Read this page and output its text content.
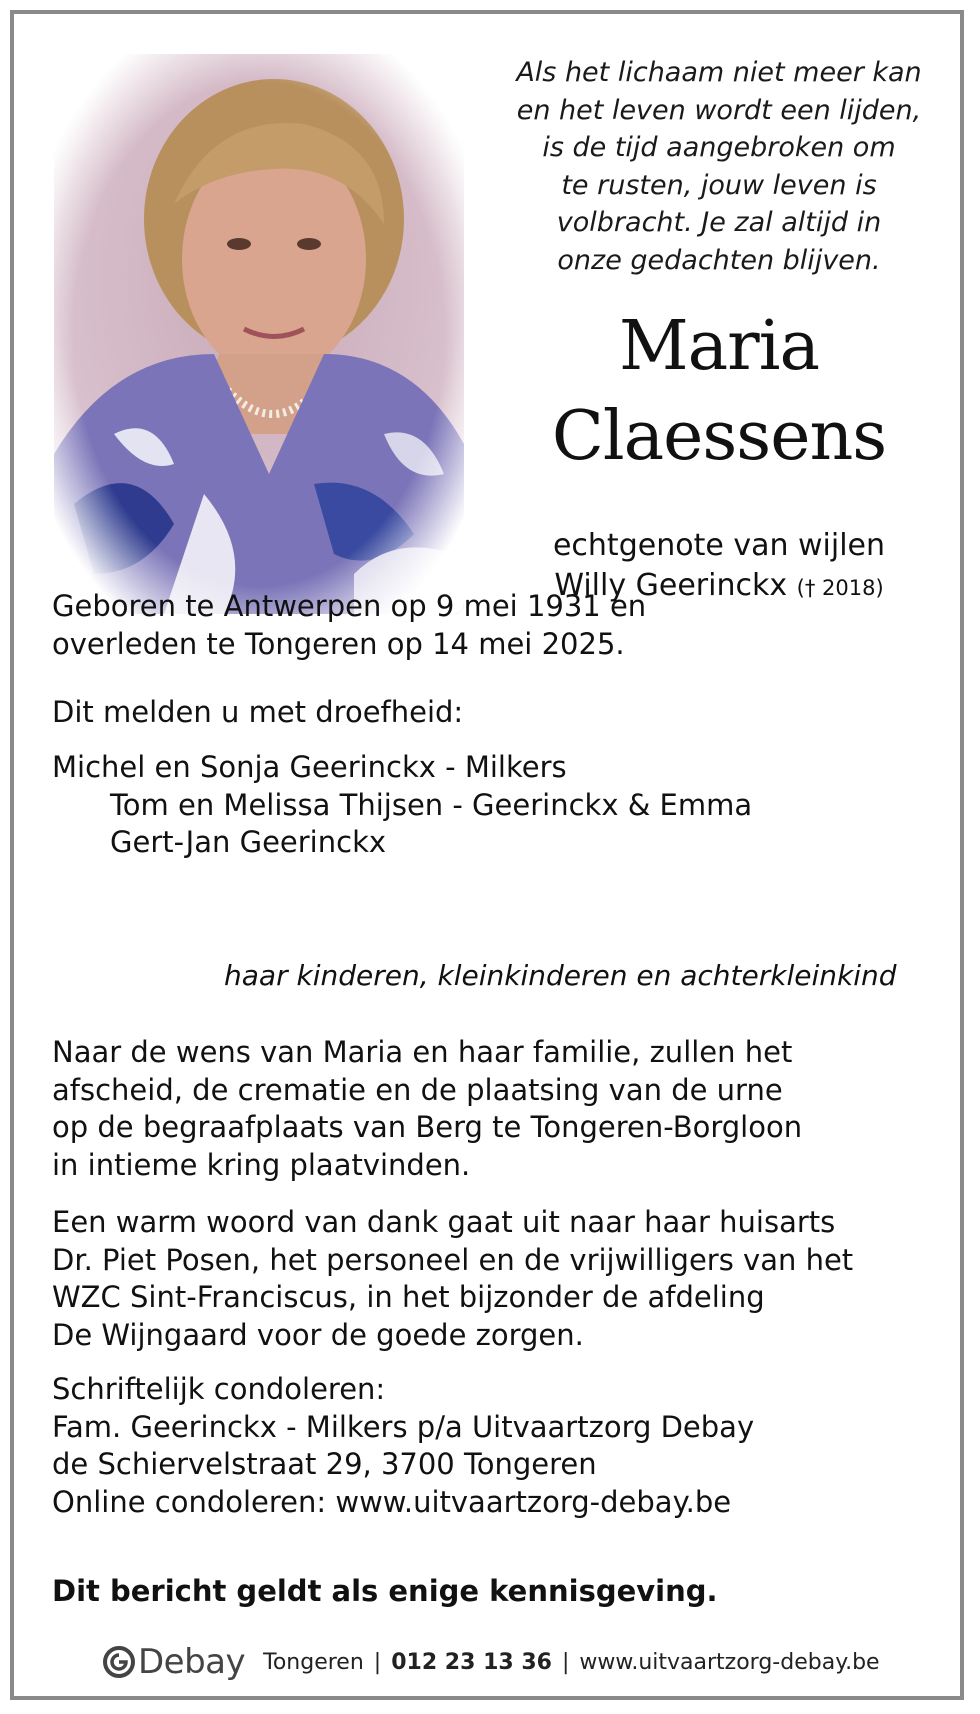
Als het lichaam niet meer kan
en het leven wordt een lijden,
is de tijd aangebroken om
te rusten, jouw leven is
volbracht. Je zal altijd in
onze gedachten blijven.
Maria
Claessens
echtgenote van wijlen
Willy Geerinckx († 2018)
Geboren te Antwerpen op 9 mei 1931 en
overleden te Tongeren op 14 mei 2025.
Dit melden u met droefheid:
Michel en Sonja Geerinckx - Milkers
Tom en Melissa Thijsen - Geerinckx & Emma
Gert-Jan Geerinckx
haar kinderen, kleinkinderen en achterkleinkind
Naar de wens van Maria en haar familie, zullen het
afscheid, de crematie en de plaatsing van de urne
op de begraafplaats van Berg te Tongeren-Borgloon
in intieme kring plaatvinden.
Een warm woord van dank gaat uit naar haar huisarts
Dr. Piet Posen, het personeel en de vrijwilligers van het
WZC Sint-Franciscus, in het bijzonder de afdeling
De Wijngaard voor de goede zorgen.
Schriftelijk condoleren:
Fam. Geerinckx - Milkers p/a Uitvaartzorg Debay
de Schiervelstraat 29, 3700 Tongeren
Online condoleren: www.uitvaartzorg-debay.be
Dit bericht geldt als enige kennisgeving.
Debay Tongeren | 012 23 13 36 | www.uitvaartzorg-debay.be
